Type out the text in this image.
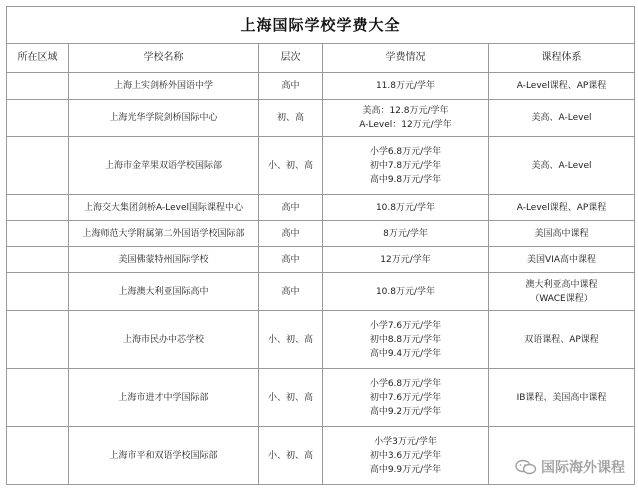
上海国际学校学费大全				
所在区域	学校名称	层次	学费情况	课程体系
	上海上实剑桥外国语中学	高中	11.8万元/学年	A-Level课程、AP课程

	上海光华学院剑桥国际中心	初、高	美高：12.8万元/学年
A-Level：12万元/学年	美高、A-Level

	上海市金苹果双语学校国际部	小、初、高	小学6.8万元/学年
初中7.8万元/学年
高中9.8万元/学年	美高、A-Level

	上海交大集团剑桥A-Level国际课程中心	高中	10.8万元/学年	A-Level课程、AP课程

	上海师范大学附属第二外国语学校国际部	高中	8万元/学年	美国高中课程

	美国佛蒙特州国际学校	高中	12万元/学年	美国VIA高中课程

	上海澳大利亚国际高中	高中	10.8万元/学年	澳大利亚高中课程
（WACE课程）

	上海市民办中芯学校	小、初、高	小学7.6万元/学年
初中8.8万元/学年
高中9.4万元/学年	双语课程、AP课程

	上海市进才中学国际部	小、初、高	小学6.8万元/学年
初中7.6万元/学年
高中9.2万元/学年	IB课程、美国高中课程

	上海市平和双语学校国际部	小、初、高	小学3万元/学年
初中3.6万元/学年
高中9.9万元/学年	
		国际海外课程
